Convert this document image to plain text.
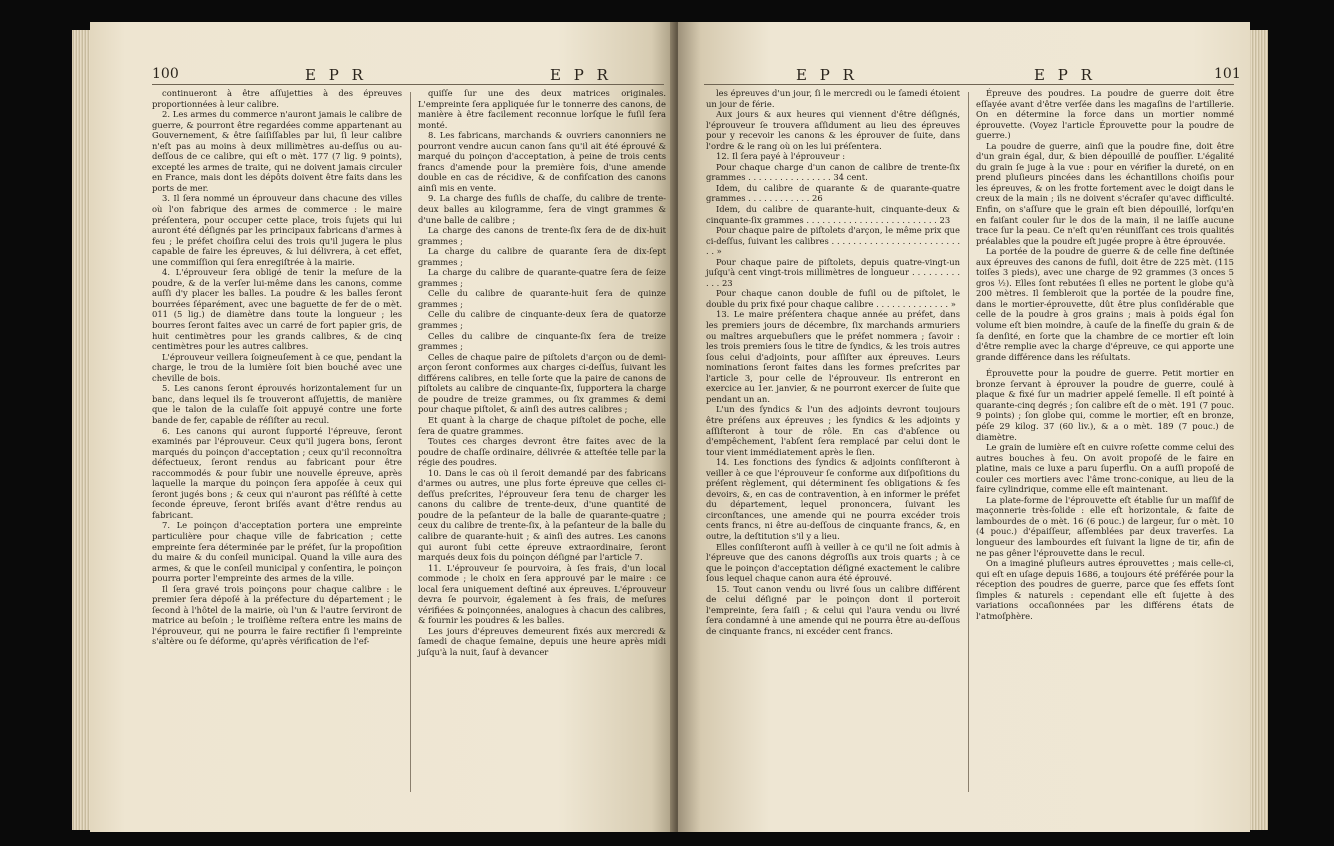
100	E P R	E P R

continueront à être aſſujetties à des épreuves proportionnées à leur calibre.

2. Les armes du commerce n'auront jamais le calibre de guerre, & pourront être regardées comme appartenant au Gouvernement, & être ſaiſiſſables par lui, ſi leur calibre n'eſt pas au moins à deux millimètres au-deſſus ou au-deſſous de ce calibre, qui eſt o mèt. 177 (7 lig. 9 points), excepté les armes de traite, qui ne doivent jamais circuler en France, mais dont les dépôts doivent être faits dans les ports de mer.

3. Il ſera nommé un éprouveur dans chacune des villes où l'on fabrique des armes de commerce : le maire préſentera, pour occuper cette place, trois ſujets qui lui auront été déſignés par les principaux fabricans d'armes à feu ; le préfet choiſira celui des trois qu'il jugera le plus capable de faire les épreuves, & lui délivrera, à cet effet, une commiſſion qui ſera enregiſtrée à la mairie.

4. L'éprouveur ſera obligé de tenir la meſure de la poudre, & de la verſer lui-même dans les canons, comme auſſi d'y placer les balles. La poudre & les balles ſeront bourrées ſéparément, avec une baguette de fer de o mèt. 011 (5 lig.) de diamètre dans toute la longueur ; les bourres ſeront faites avec un carré de fort papier gris, de huit centimètres pour les grands calibres, & de cinq centimètres pour les autres calibres.

L'éprouveur veillera ſoigneuſement à ce que, pendant la charge, le trou de la lumière ſoit bien bouché avec une cheville de bois.

5. Les canons ſeront éprouvés horizontalement ſur un banc, dans lequel ils ſe trouveront aſſujettis, de manière que le talon de la culaſſe ſoit appuyé contre une forte bande de fer, capable de réſiſter au recul.

6. Les canons qui auront ſupporté l'épreuve, ſeront examinés par l'éprouveur. Ceux qu'il jugera bons, ſeront marqués du poinçon d'acceptation ; ceux qu'il reconnoîtra défectueux, ſeront rendus au fabricant pour être raccommodés & pour ſubir une nouvelle épreuve, après laquelle la marque du poinçon ſera appoſée à ceux qui ſeront jugés bons ; & ceux qui n'auront pas réſiſté à cette ſeconde épreuve, ſeront briſés avant d'être rendus au fabricant.

7. Le poinçon d'acceptation portera une empreinte particulière pour chaque ville de fabrication ; cette empreinte ſera déterminée par le préfet, ſur la propoſition du maire & du conſeil municipal. Quand la ville aura des armes, & que le conſeil municipal y conſentira, le poinçon pourra porter l'empreinte des armes de la ville.

Il ſera gravé trois poinçons pour chaque calibre : le premier ſera dépoſé à la préfecture du département ; le ſecond à l'hôtel de la mairie, où l'un & l'autre ſerviront de matrice au beſoin ; le troiſième reſtera entre les mains de l'éprouveur, qui ne pourra le faire rectifier ſi l'empreinte s'altère ou ſe déforme, qu'après vérification de l'ef-

quiſſe ſur une des deux matrices originales. L'empreinte ſera appliquée ſur le tonnerre des canons, de manière à être facilement reconnue lorſque le fuſil ſera monté.

8. Les fabricans, marchands & ouvriers canonniers ne pourront vendre aucun canon ſans qu'il ait été éprouvé & marqué du poinçon d'acceptation, à peine de trois cents francs d'amende pour la première fois, d'une amende double en cas de récidive, & de confiſcation des canons ainſi mis en vente.

9. La charge des fuſils de chaſſe, du calibre de trente-deux balles au kilogramme, ſera de vingt grammes & d'une balle de calibre ;

La charge des canons de trente-ſix ſera de de dix-huit grammes ;

La charge du calibre de quarante ſera de dix-ſept grammes ;

La charge du calibre de quarante-quatre ſera de ſeize grammes ;

Celle du calibre de quarante-huit ſera de quinze grammes ;

Celle du calibre de cinquante-deux ſera de quatorze grammes ;

Celles du calibre de cinquante-ſix ſera de treize grammes ;

Celles de chaque paire de piſtolets d'arçon ou de demi-arçon ſeront conformes aux charges ci-deſſus, ſuivant les différens calibres, en telle ſorte que la paire de canons de piſtolets au calibre de cinquante-ſix, ſupportera la charge de poudre de treize grammes, ou ſix grammes & demi pour chaque piſtolet, & ainſi des autres calibres ;

Et quant à la charge de chaque piſtolet de poche, elle ſera de quatre grammes.

Toutes ces charges devront être faites avec de la poudre de chaſſe ordinaire, délivrée & atteſtée telle par la régie des poudres.

10. Dans le cas où il ſeroit demandé par des fabricans d'armes ou autres, une plus forte épreuve que celles ci-deſſus preſcrites, l'éprouveur ſera tenu de charger les canons du calibre de trente-deux, d'une quantité de poudre de la peſanteur de la balle de quarante-quatre ; ceux du calibre de trente-ſix, à la peſanteur de la balle du calibre de quarante-huit ; & ainſi des autres. Les canons qui auront ſubi cette épreuve extraordinaire, ſeront marqués deux fois du poinçon déſigné par l'article 7.

11. L'éprouveur ſe pourvoira, à ſes frais, d'un local commode ; le choix en ſera approuvé par le maire : ce local ſera uniquement deſtiné aux épreuves. L'éprouveur devra ſe pourvoir, également à ſes frais, de meſures vérifiées & poinçonnées, analogues à chacun des calibres, & fournir les poudres & les balles.

Les jours d'épreuves demeurent fixés aux mercredi & ſamedi de chaque ſemaine, depuis une heure après midi juſqu'à la nuit, ſauf à devancer

E P R	E P R	101

les épreuves d'un jour, ſi le mercredi ou le ſamedi étoient un jour de férie.

Aux jours & aux heures qui viennent d'être déſignés, l'éprouveur ſe trouvera aſſidument au lieu des épreuves pour y recevoir les canons & les éprouver de ſuite, dans l'ordre & le rang où on les lui préſentera.

12. Il ſera payé à l'éprouveur :

Pour chaque charge d'un canon de calibre de trente-ſix grammes . . . . . . . . . . . . . . . . 34 cent.

Idem, du calibre de quarante & de quarante-quatre grammes . . . . . . . . . . . . 26

Idem, du calibre de quarante-huit, cinquante-deux & cinquante-ſix grammes . . . . . . . . . . . . . . . . . . . . . . . . . 23

Pour chaque paire de piſtolets d'arçon, le même prix que ci-deſſus, ſuivant les calibres . . . . . . . . . . . . . . . . . . . . . . . . . . »

Pour chaque paire de piſtolets, depuis quatre-vingt-un juſqu'à cent vingt-trois millimètres de longueur . . . . . . . . . . . . 23

Pour chaque canon double de fuſil ou de piſtolet, le double du prix fixé pour chaque calibre . . . . . . . . . . . . . . »

13. Le maire préſentera chaque année au préfet, dans les premiers jours de décembre, ſix marchands armuriers ou maîtres arquebuſiers que le préfet nommera ; ſavoir : les trois premiers ſous le titre de ſyndics, & les trois autres ſous celui d'adjoints, pour aſſiſter aux épreuves. Leurs nominations ſeront faites dans les formes preſcrites par l'article 3, pour celle de l'éprouveur. Ils entreront en exercice au 1er. janvier, & ne pourront exercer de ſuite que pendant un an.

L'un des ſyndics & l'un des adjoints devront toujours être préſens aux épreuves ; les ſyndics & les adjoints y aſſiſteront à tour de rôle. En cas d'abſence ou d'empêchement, l'abſent ſera remplacé par celui dont le tour vient immédiatement après le ſien.

14. Les fonctions des ſyndics & adjoints conſiſteront à veiller à ce que l'éprouveur ſe conforme aux diſpoſitions du préſent règlement, qui déterminent ſes obligations & ſes devoirs, &, en cas de contravention, à en informer le préfet du département, lequel prononcera, ſuivant les circonſtances, une amende qui ne pourra excéder trois cents francs, ni être au-deſſous de cinquante francs, &, en outre, la deſtitution s'il y a lieu.

Elles conſiſteront auſſi à veiller à ce qu'il ne ſoit admis à l'épreuve que des canons dégroſſis aux trois quarts ; à ce que le poinçon d'acceptation déſigné exactement le calibre ſous lequel chaque canon aura été éprouvé.

15. Tout canon vendu ou livré ſous un calibre différent de celui déſigné par le poinçon dont il porteroit l'empreinte, ſera ſaiſi ; & celui qui l'aura vendu ou livré ſera condamné à une amende qui ne pourra être au-deſſous de cinquante francs, ni excéder cent francs.

Épreuve des poudres. La poudre de guerre doit être eſſayée avant d'être verſée dans les magaſins de l'artillerie. On en détermine la force dans un mortier nommé éprouvette. (Voyez l'article Éprouvette pour la poudre de guerre.)

La poudre de guerre, ainſi que la poudre fine, doit être d'un grain égal, dur, & bien dépouillé de pouſſier. L'égalité du grain ſe juge à la vue : pour en vérifier la dureté, on en prend pluſieurs pincées dans les échantillons choiſis pour les épreuves, & on les frotte fortement avec le doigt dans le creux de la main ; ils ne doivent s'écraſer qu'avec difficulté. Enfin, on s'aſſure que le grain eſt bien dépouillé, lorſqu'en en faiſant couler ſur le dos de la main, il ne laiſſe aucune trace ſur la peau. Ce n'eſt qu'en réuniſſant ces trois qualités préalables que la poudre eſt jugée propre à être éprouvée.

La portée de la poudre de guerre & de celle fine deſtinée aux épreuves des canons de fuſil, doit être de 225 mèt. (115 toiſes 3 pieds), avec une charge de 92 grammes (3 onces 5 gros ½). Elles ſont rebutées ſi elles ne portent le globe qu'à 200 mètres. Il ſembleroit que la portée de la poudre fine, dans le mortier-éprouvette, dût être plus conſidérable que celle de la poudre à gros grains ; mais à poids égal ſon volume eſt bien moindre, à cauſe de la fineſſe du grain & de ſa denſité, en ſorte que la chambre de ce mortier eſt loin d'être remplie avec la charge d'épreuve, ce qui apporte une grande différence dans les réſultats.

Éprouvette pour la poudre de guerre. Petit mortier en bronze ſervant à éprouver la poudre de guerre, coulé à plaque & fixé ſur un madrier appelé ſemelle. Il eſt pointé à quarante-cinq degrés ; ſon calibre eſt de o mèt. 191 (7 pouc. 9 points) ; ſon globe qui, comme le mortier, eſt en bronze, péſe 29 kilog. 37 (60 liv.), & a o mèt. 189 (7 pouc.) de diamètre.

Le grain de lumière eſt en cuivre roſette comme celui des autres bouches à feu. On avoit propoſé de le faire en platine, mais ce luxe a paru ſuperflu. On a auſſi propoſé de couler ces mortiers avec l'âme tronc-conique, au lieu de la faire cylindrique, comme elle eſt maintenant.

La plate-forme de l'éprouvette eſt établie ſur un maſſif de maçonnerie très-ſolide : elle eſt horizontale, & faite de lambourdes de o mèt. 16 (6 pouc.) de largeur, ſur o mèt. 10 (4 pouc.) d'épaiſſeur, aſſemblées par deux traverſes. La longueur des lambourdes eſt ſuivant la ligne de tir, afin de ne pas gêner l'éprouvette dans le recul.

On a imaginé pluſieurs autres éprouvettes ; mais celle-ci, qui eſt en uſage depuis 1686, a toujours été préférée pour la réception des poudres de guerre, parce que ſes effets ſont ſimples & naturels : cependant elle eſt ſujette à des variations occaſionnées par les différens états de l'atmoſphère.
